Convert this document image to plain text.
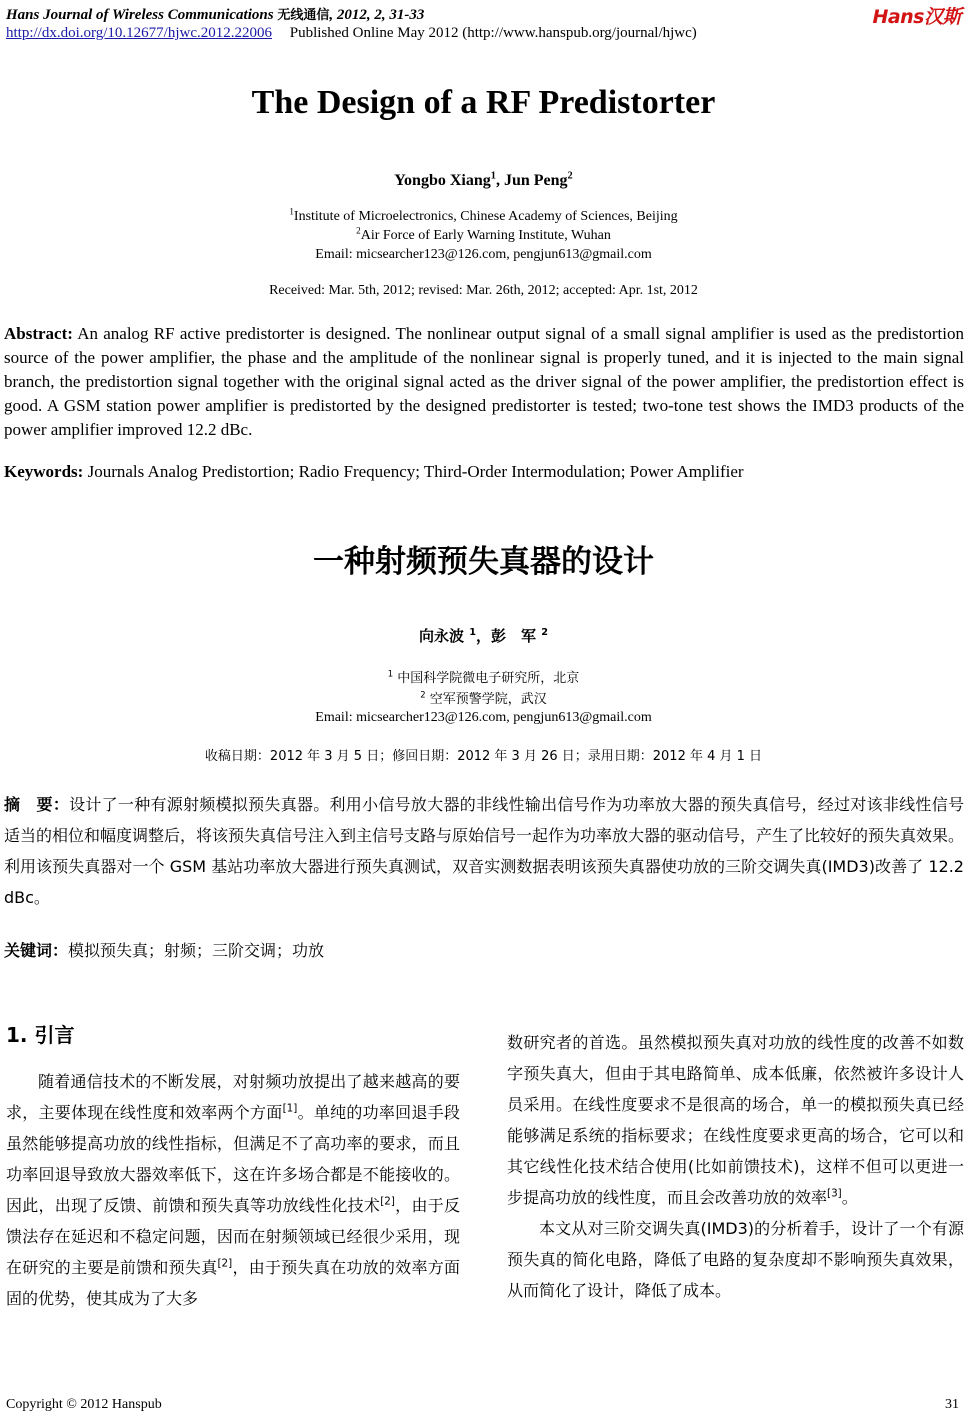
Hans Journal of Wireless Communications 无线通信, 2012, 2, 31-33
http://dx.doi.org/10.12677/hjwc.2012.22006 Published Online May 2012 (http://www.hanspub.org/journal/hjwc)
Hans汉斯
The Design of a RF Predistorter
Yongbo Xiang$^1$, Jun Peng$^2$
$^1$Institute of Microelectronics, Chinese Academy of Sciences, Beijing
$^2$Air Force of Early Warning Institute, Wuhan
Email: micsearcher123@126.com, pengjun613@gmail.com
Received: Mar. 5th, 2012; revised: Mar. 26th, 2012; accepted: Apr. 1st, 2012
Abstract: An analog RF active predistorter is designed. The nonlinear output signal of a small signal amplifier is used as the predistortion source of the power amplifier, the phase and the amplitude of the nonlinear signal is properly tuned, and it is injected to the main signal branch, the predistortion signal together with the original signal acted as the driver signal of the power amplifier, the predistortion effect is good. A GSM station power amplifier is predistorted by the designed predistorter is tested; two-tone test shows the IMD3 products of the power amplifier improved 12.2 dBc.
Keywords: Journals Analog Predistortion; Radio Frequency; Third-Order Intermodulation; Power Amplifier
一种射频预失真器的设计
向永波 $^1$，彭　军 $^2$
$^1$ 中国科学院微电子研究所，北京
$^2$ 空军预警学院，武汉
Email: micsearcher123@126.com, pengjun613@gmail.com
收稿日期：2012 年 3 月 5 日；修回日期：2012 年 3 月 26 日；录用日期：2012 年 4 月 1 日
摘　要：设计了一种有源射频模拟预失真器。利用小信号放大器的非线性输出信号作为功率放大器的预失真信号，经过对该非线性信号适当的相位和幅度调整后，将该预失真信号注入到主信号支路与原始信号一起作为功率放大器的驱动信号，产生了比较好的预失真效果。利用该预失真器对一个 GSM 基站功率放大器进行预失真测试，双音实测数据表明该预失真器使功放的三阶交调失真(IMD3)改善了 12.2 dBc。
关键词：模拟预失真；射频；三阶交调；功放
1. 引言

随着通信技术的不断发展，对射频功放提出了越来越高的要求，主要体现在线性度和效率两个方面[1]。单纯的功率回退手段虽然能够提高功放的线性指标，但满足不了高功率的要求，而且功率回退导致放大器效率低下，这在许多场合都是不能接收的。因此，出现了反馈、前馈和预失真等功放线性化技术[2]，由于反馈法存在延迟和不稳定问题，因而在射频领域已经很少采用，现在研究的主要是前馈和预失真[2]，由于预失真在功放的效率方面固的优势，使其成为了大多

数研究者的首选。虽然模拟预失真对功放的线性度的改善不如数字预失真大，但由于其电路简单、成本低廉，依然被许多设计人员采用。在线性度要求不是很高的场合，单一的模拟预失真已经能够满足系统的指标要求；在线性度要求更高的场合，它可以和其它线性化技术结合使用(比如前馈技术)，这样不但可以更进一步提高功放的线性度，而且会改善功放的效率[3]。

本文从对三阶交调失真(IMD3)的分析着手，设计了一个有源预失真的简化电路，降低了电路的复杂度却不影响预失真效果，从而简化了设计，降低了成本。

Copyright © 2012 Hanspub	31
